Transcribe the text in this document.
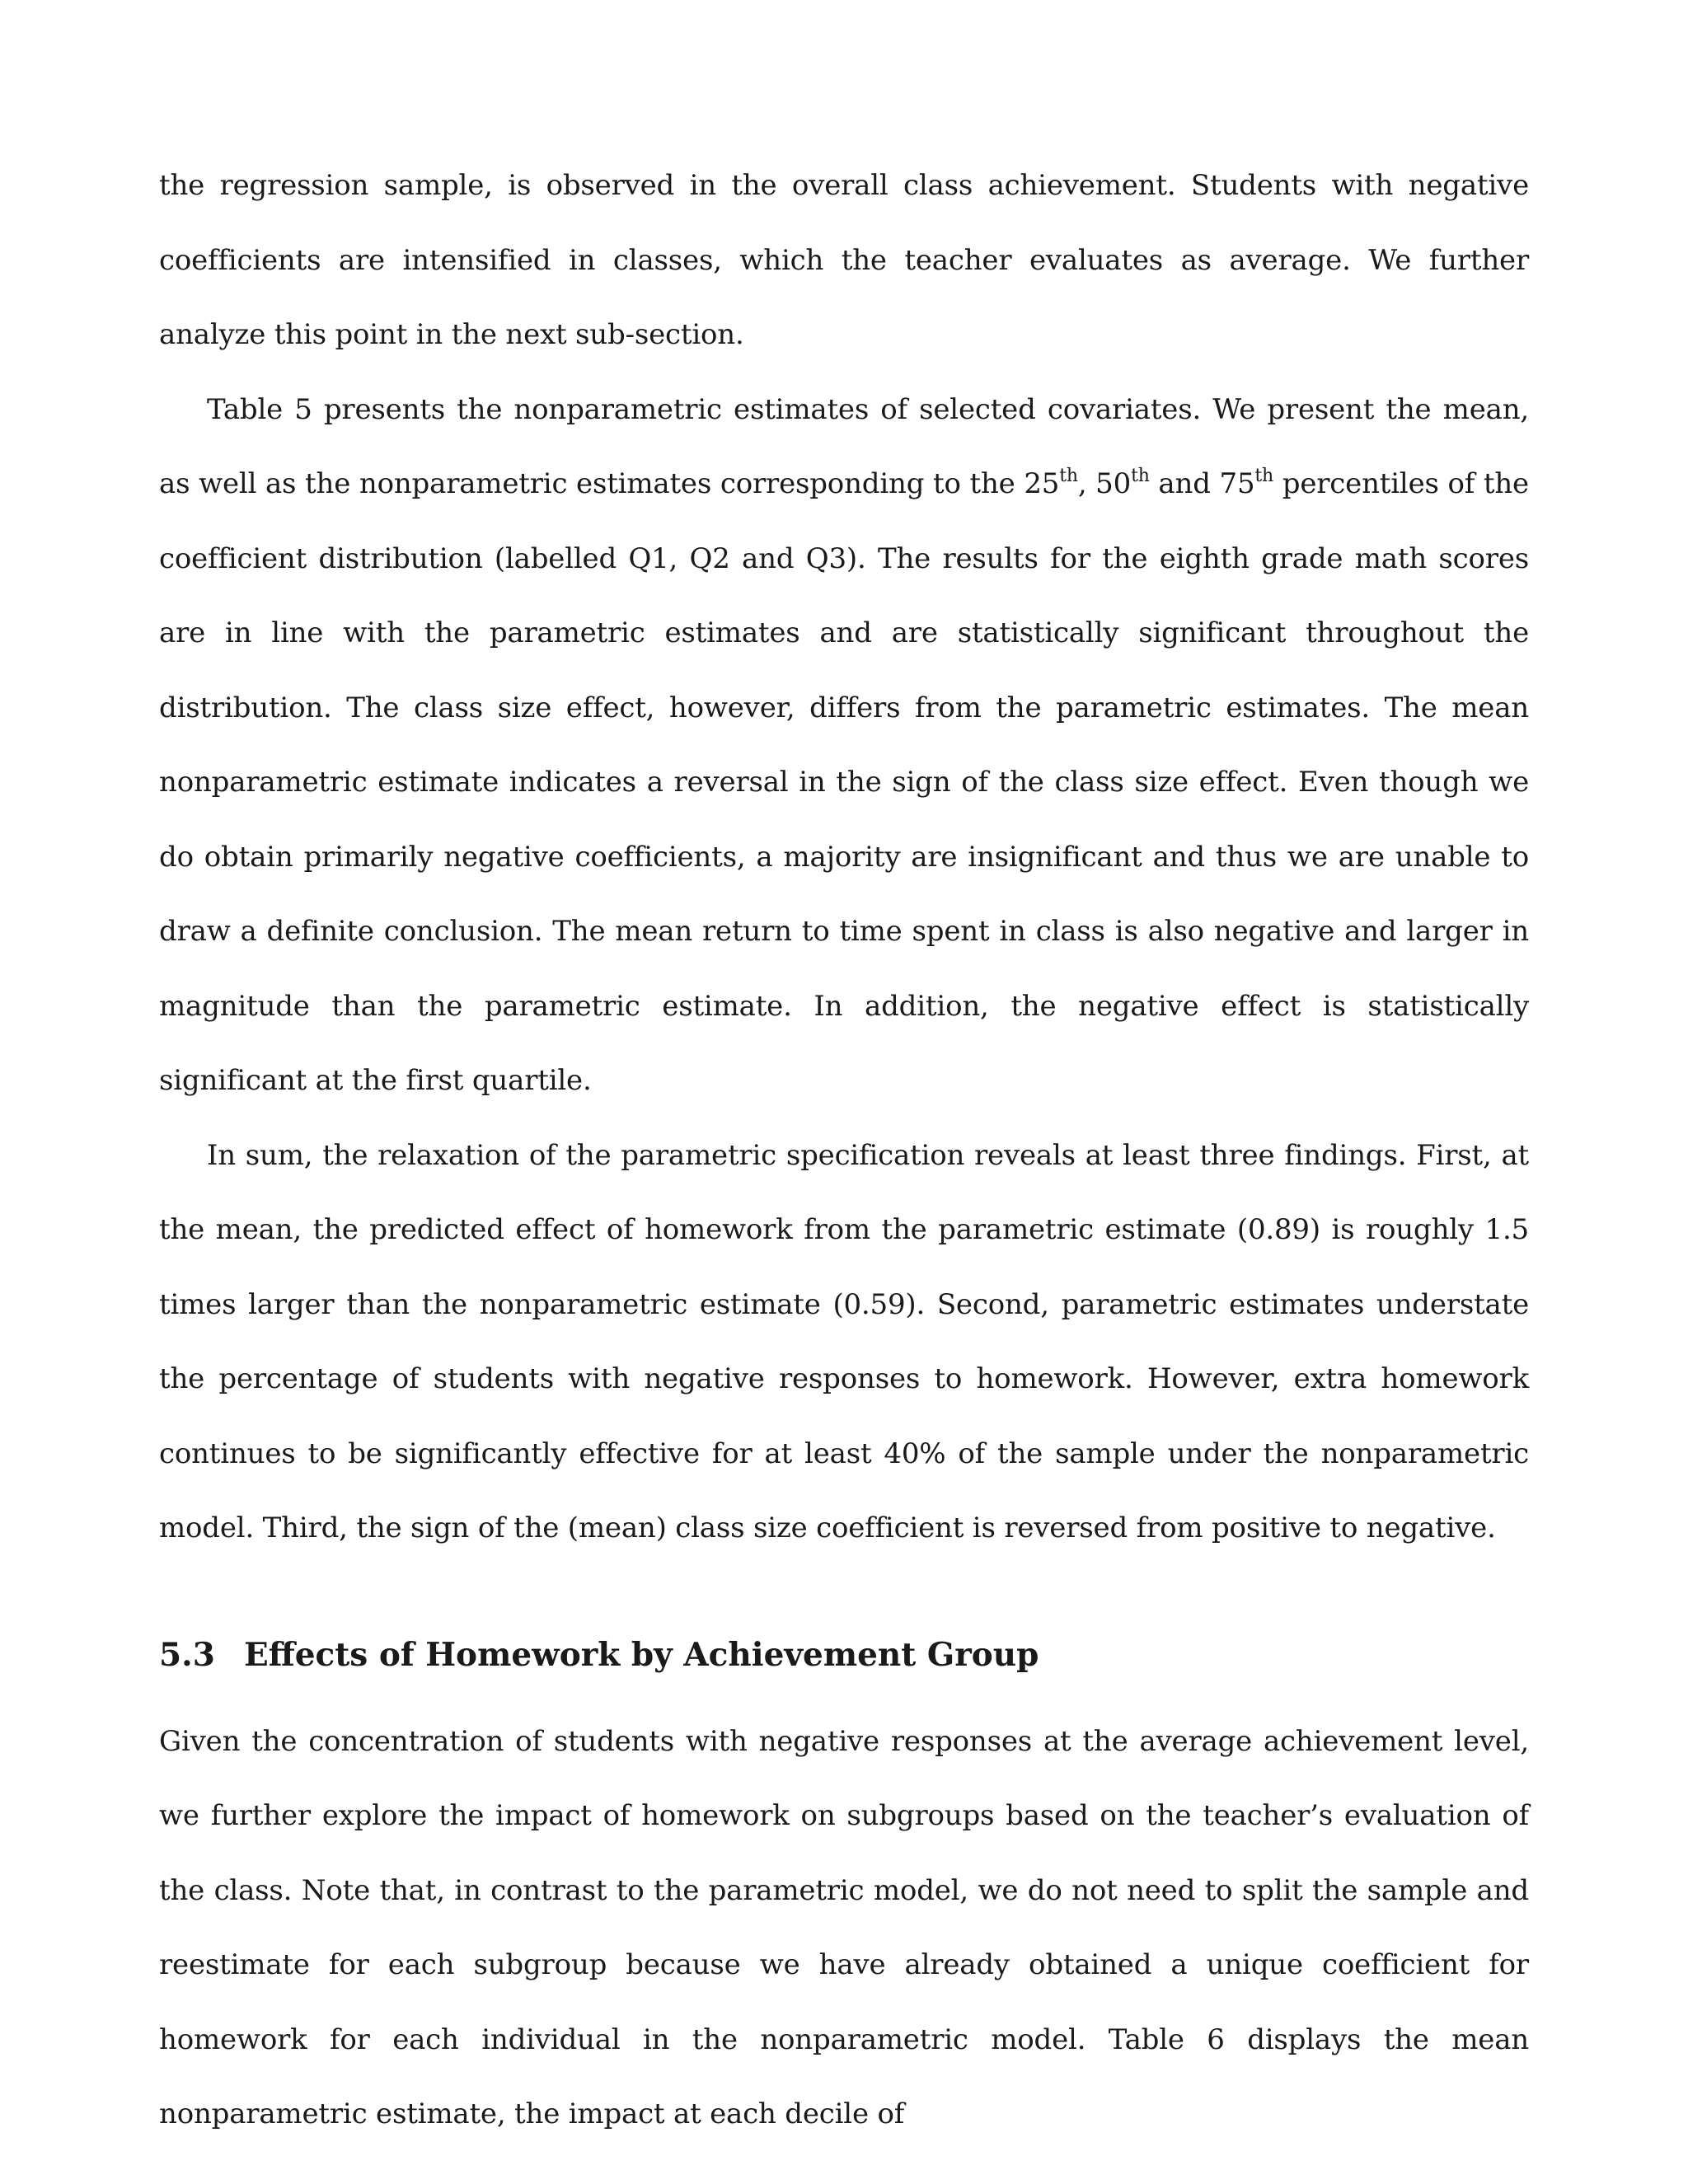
the regression sample, is observed in the overall class achievement. Students with negative coefficients are intensified in classes, which the teacher evaluates as average. We further analyze this point in the next sub-section.

Table 5 presents the nonparametric estimates of selected covariates. We present the mean, as well as the nonparametric estimates corresponding to the 25th, 50th and 75th percentiles of the coefficient distribution (labelled Q1, Q2 and Q3). The results for the eighth grade math scores are in line with the parametric estimates and are statistically significant throughout the distribution. The class size effect, however, differs from the parametric estimates. The mean nonparametric estimate indicates a reversal in the sign of the class size effect. Even though we do obtain primarily negative coefficients, a majority are insignificant and thus we are unable to draw a definite conclusion. The mean return to time spent in class is also negative and larger in magnitude than the parametric estimate. In addition, the negative effect is statistically significant at the first quartile.

In sum, the relaxation of the parametric specification reveals at least three findings. First, at the mean, the predicted effect of homework from the parametric estimate (0.89) is roughly 1.5 times larger than the nonparametric estimate (0.59). Second, parametric estimates understate the percentage of students with negative responses to homework. However, extra homework continues to be significantly effective for at least 40% of the sample under the nonparametric model. Third, the sign of the (mean) class size coefficient is reversed from positive to negative.

5.3 Effects of Homework by Achievement Group

Given the concentration of students with negative responses at the average achievement level, we further explore the impact of homework on subgroups based on the teacher’s evaluation of the class. Note that, in contrast to the parametric model, we do not need to split the sample and reestimate for each subgroup because we have already obtained a unique coefficient for homework for each individual in the nonparametric model. Table 6 displays the mean nonparametric estimate, the impact at each decile of
